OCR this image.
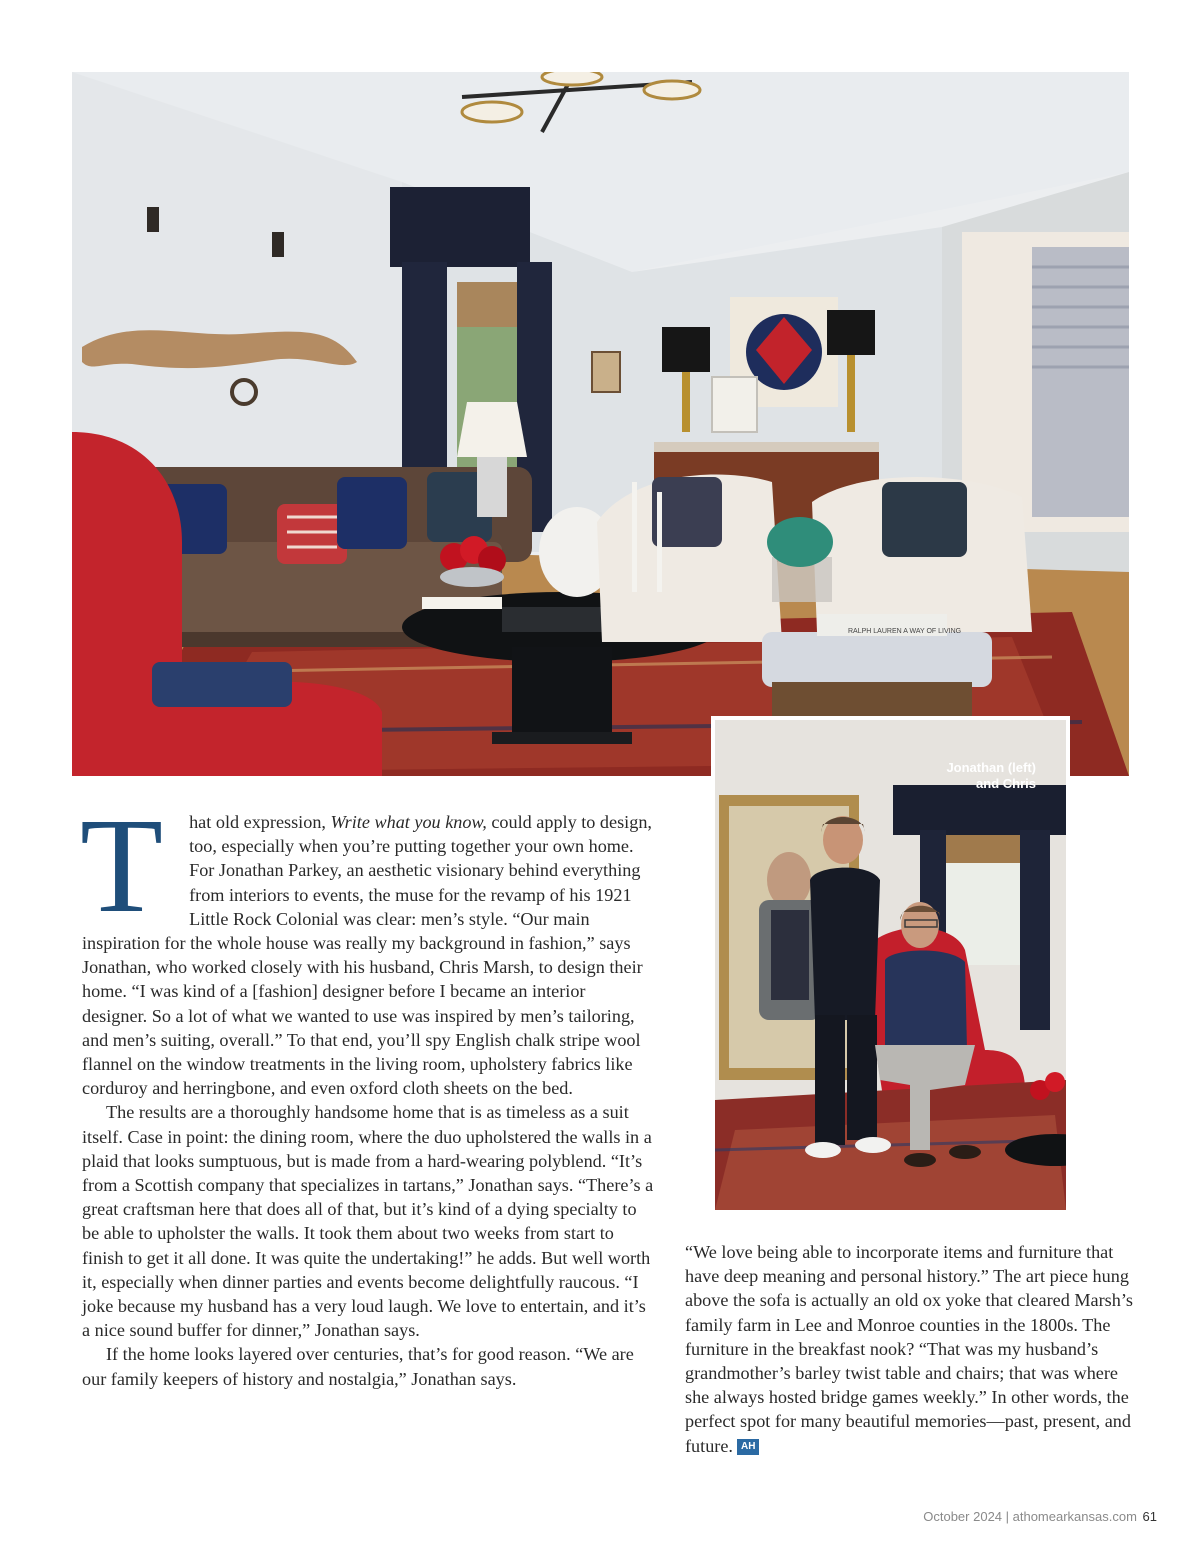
RALPH LAUREN A WAY OF LIVING
Jonathan (left)
and Chris

T hat old expression, Write what you know, could apply to design, too, especially when you’re putting together your own home. For Jonathan Parkey, an aesthetic visionary behind everything from interiors to events, the muse for the revamp of his 1921 Little Rock Colonial was clear: men’s style. “Our main inspiration for the whole house was really my background in fashion,” says Jonathan, who worked closely with his husband, Chris Marsh, to design their home. “I was kind of a [fashion] designer before I became an interior designer. So a lot of what we wanted to use was inspired by men’s tailoring, and men’s suiting, overall.” To that end, you’ll spy English chalk stripe wool flannel on the window treatments in the living room, upholstery fabrics like corduroy and herringbone, and even oxford cloth sheets on the bed.

The results are a thoroughly handsome home that is as timeless as a suit itself. Case in point: the dining room, where the duo upholstered the walls in a plaid that looks sumptuous, but is made from a hard-wearing polyblend. “It’s from a Scottish company that specializes in tartans,” Jonathan says. “There’s a great craftsman here that does all of that, but it’s kind of a dying specialty to be able to upholster the walls. It took them about two weeks from start to finish to get it all done. It was quite the undertaking!” he adds. But well worth it, especially when dinner parties and events become delightfully raucous. “I joke because my husband has a very loud laugh. We love to entertain, and it’s a nice sound buffer for dinner,” Jonathan says.

If the home looks layered over centuries, that’s for good reason. “We are our family keepers of history and nostalgia,” Jonathan says.

“We love being able to incorporate items and furniture that have deep meaning and personal history.” The art piece hung above the sofa is actually an old ox yoke that cleared Marsh’s family farm in Lee and Monroe counties in the 1800s. The furniture in the breakfast nook? “That was my husband’s grandmother’s barley twist table and chairs; that was where she always hosted bridge games weekly.” In other words, the perfect spot for many beautiful memories—past, present, and future. AH

October 2024 | athomearkansas.com 61
